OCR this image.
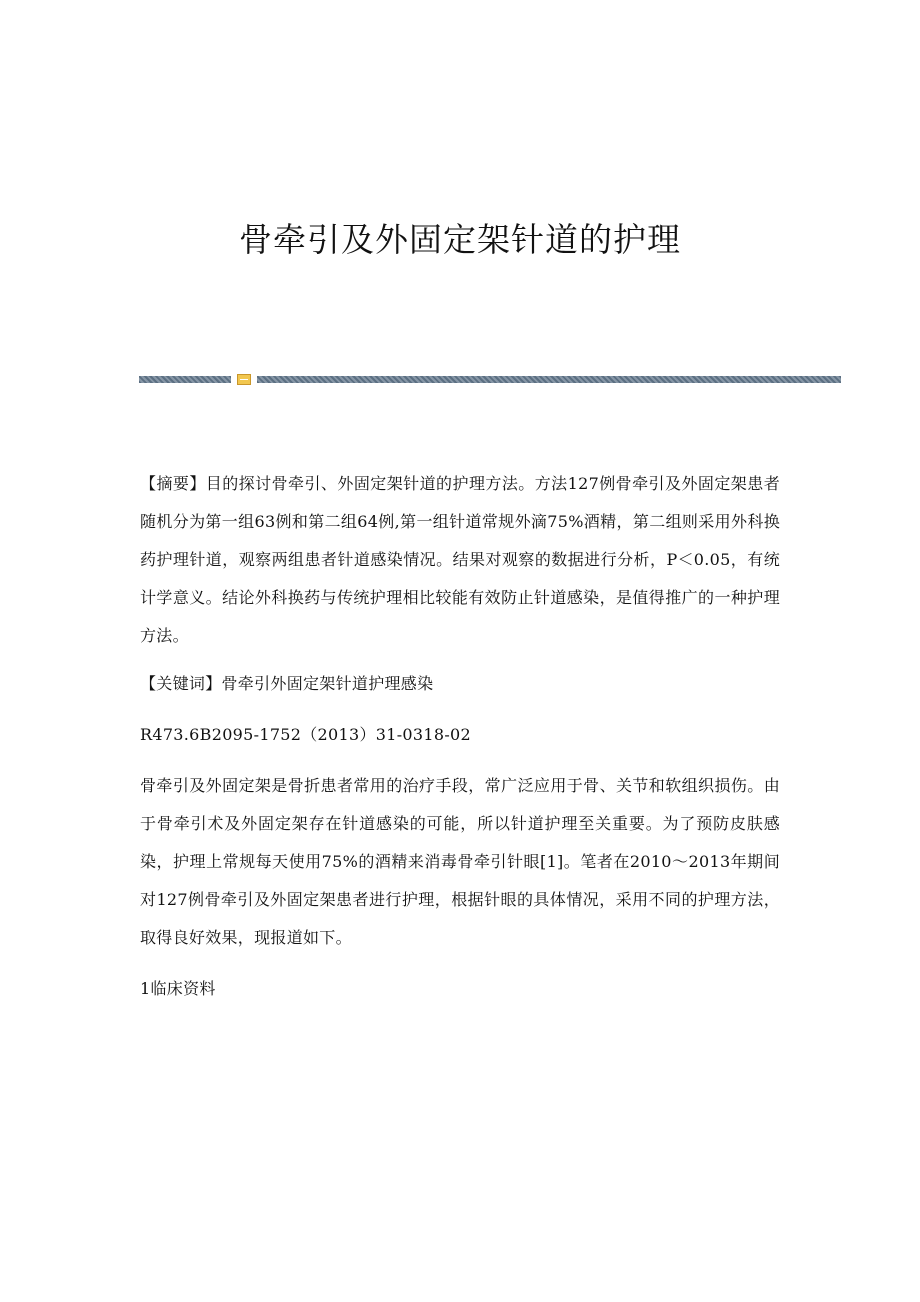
骨牵引及外固定架针道的护理

【摘要】目的探讨骨牵引、外固定架针道的护理方法。方法127例骨牵引及外固定架患者随机分为第一组63例和第二组64例,第一组针道常规外滴75%酒精，第二组则采用外科换药护理针道，观察两组患者针道感染情况。结果对观察的数据进行分析，P＜0.05，有统计学意义。结论外科换药与传统护理相比较能有效防止针道感染，是值得推广的一种护理方法。

【关键词】骨牵引外固定架针道护理感染

R473.6B2095-1752（2013）31-0318-02

骨牵引及外固定架是骨折患者常用的治疗手段，常广泛应用于骨、关节和软组织损伤。由于骨牵引术及外固定架存在针道感染的可能，所以针道护理至关重要。为了预防皮肤感染，护理上常规每天使用75%的酒精来消毒骨牵引针眼[1]。笔者在2010～2013年期间对127例骨牵引及外固定架患者进行护理，根据针眼的具体情况，采用不同的护理方法，取得良好效果，现报道如下。

1临床资料
